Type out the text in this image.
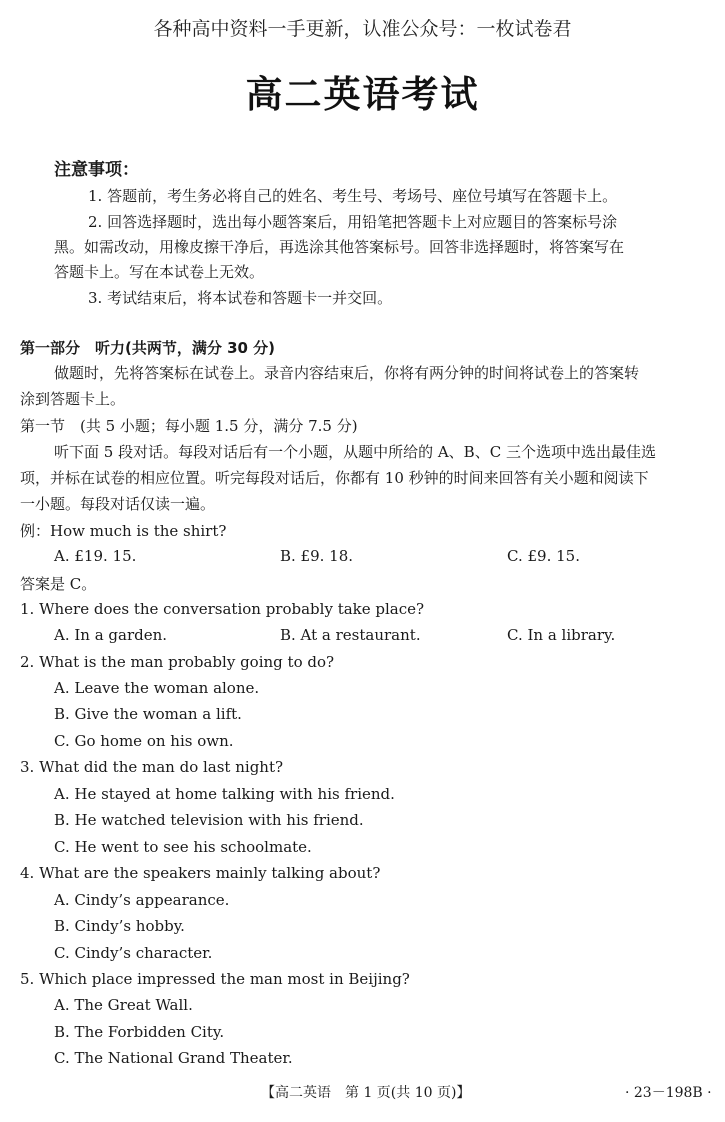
各种高中资料一手更新，认准公众号：一枚试卷君
高二英语考试
注意事项：
1. 答题前，考生务必将自己的姓名、考生号、考场号、座位号填写在答题卡上。
2. 回答选择题时，选出每小题答案后，用铅笔把答题卡上对应题目的答案标号涂
黑。如需改动，用橡皮擦干净后，再选涂其他答案标号。回答非选择题时，将答案写在
答题卡上。写在本试卷上无效。
3. 考试结束后，将本试卷和答题卡一并交回。
第一部分　听力(共两节，满分 30 分)
做题时，先将答案标在试卷上。录音内容结束后，你将有两分钟的时间将试卷上的答案转
涂到答题卡上。
第一节　(共 5 小题；每小题 1.5 分，满分 7.5 分)
听下面 5 段对话。每段对话后有一个小题，从题中所给的 A、B、C 三个选项中选出最佳选
项，并标在试卷的相应位置。听完每段对话后，你都有 10 秒钟的时间来回答有关小题和阅读下
一小题。每段对话仅读一遍。
例：How much is the shirt?
A. £19. 15.	B. £9. 18.	C. £9. 15.
答案是 C。
1. Where does the conversation probably take place?
A. In a garden.	B. At a restaurant.	C. In a library.
2. What is the man probably going to do?
A. Leave the woman alone.
B. Give the woman a lift.
C. Go home on his own.
3. What did the man do last night?
A. He stayed at home talking with his friend.
B. He watched television with his friend.
C. He went to see his schoolmate.
4. What are the speakers mainly talking about?
A. Cindy’s appearance.
B. Cindy’s hobby.
C. Cindy’s character.
5. Which place impressed the man most in Beijing?
A. The Great Wall.
B. The Forbidden City.
C. The National Grand Theater.
【高二英语　第 1 页(共 10 页)】	· 23－198B ·
